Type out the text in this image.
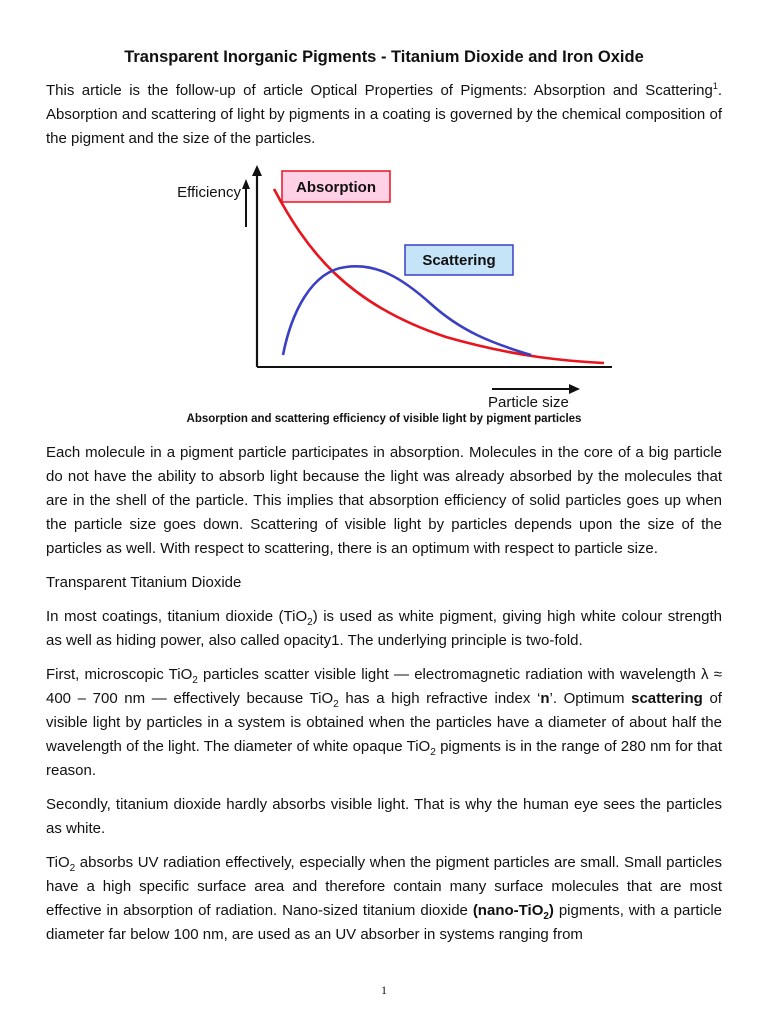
Transparent Inorganic Pigments - Titanium Dioxide and Iron Oxide

This article is the follow-up of article Optical Properties of Pigments: Absorption and Scattering$^1$. Absorption and scattering of light by pigments in a coating is governed by the chemical composition of the pigment and the size of the particles.

Efficiency
Particle size
Absorption
Scattering
Absorption and scattering efficiency of visible light by pigment particles

Each molecule in a pigment particle participates in absorption. Molecules in the core of a big particle do not have the ability to absorb light because the light was already absorbed by the molecules that are in the shell of the particle. This implies that absorption efficiency of solid particles goes up when the particle size goes down. Scattering of visible light by particles depends upon the size of the particles as well. With respect to scattering, there is an optimum with respect to particle size.

Transparent Titanium Dioxide

In most coatings, titanium dioxide (TiO$_2$) is used as white pigment, giving high white colour strength as well as hiding power, also called opacity1. The underlying principle is two-fold.

First, microscopic TiO$_2$ particles scatter visible light — electromagnetic radiation with wavelength λ ≈ 400 – 700 nm — effectively because TiO$_2$ has a high refractive index ‘n’. Optimum scattering of visible light by particles in a system is obtained when the particles have a diameter of about half the wavelength of the light. The diameter of white opaque TiO$_2$ pigments is in the range of 280 nm for that reason.

Secondly, titanium dioxide hardly absorbs visible light. That is why the human eye sees the particles as white.

TiO$_2$ absorbs UV radiation effectively, especially when the pigment particles are small. Small particles have a high specific surface area and therefore contain many surface molecules that are most effective in absorption of radiation. Nano-sized titanium dioxide (nano-TiO$_2$) pigments, with a particle diameter far below 100 nm, are used as an UV absorber in systems ranging from

1
